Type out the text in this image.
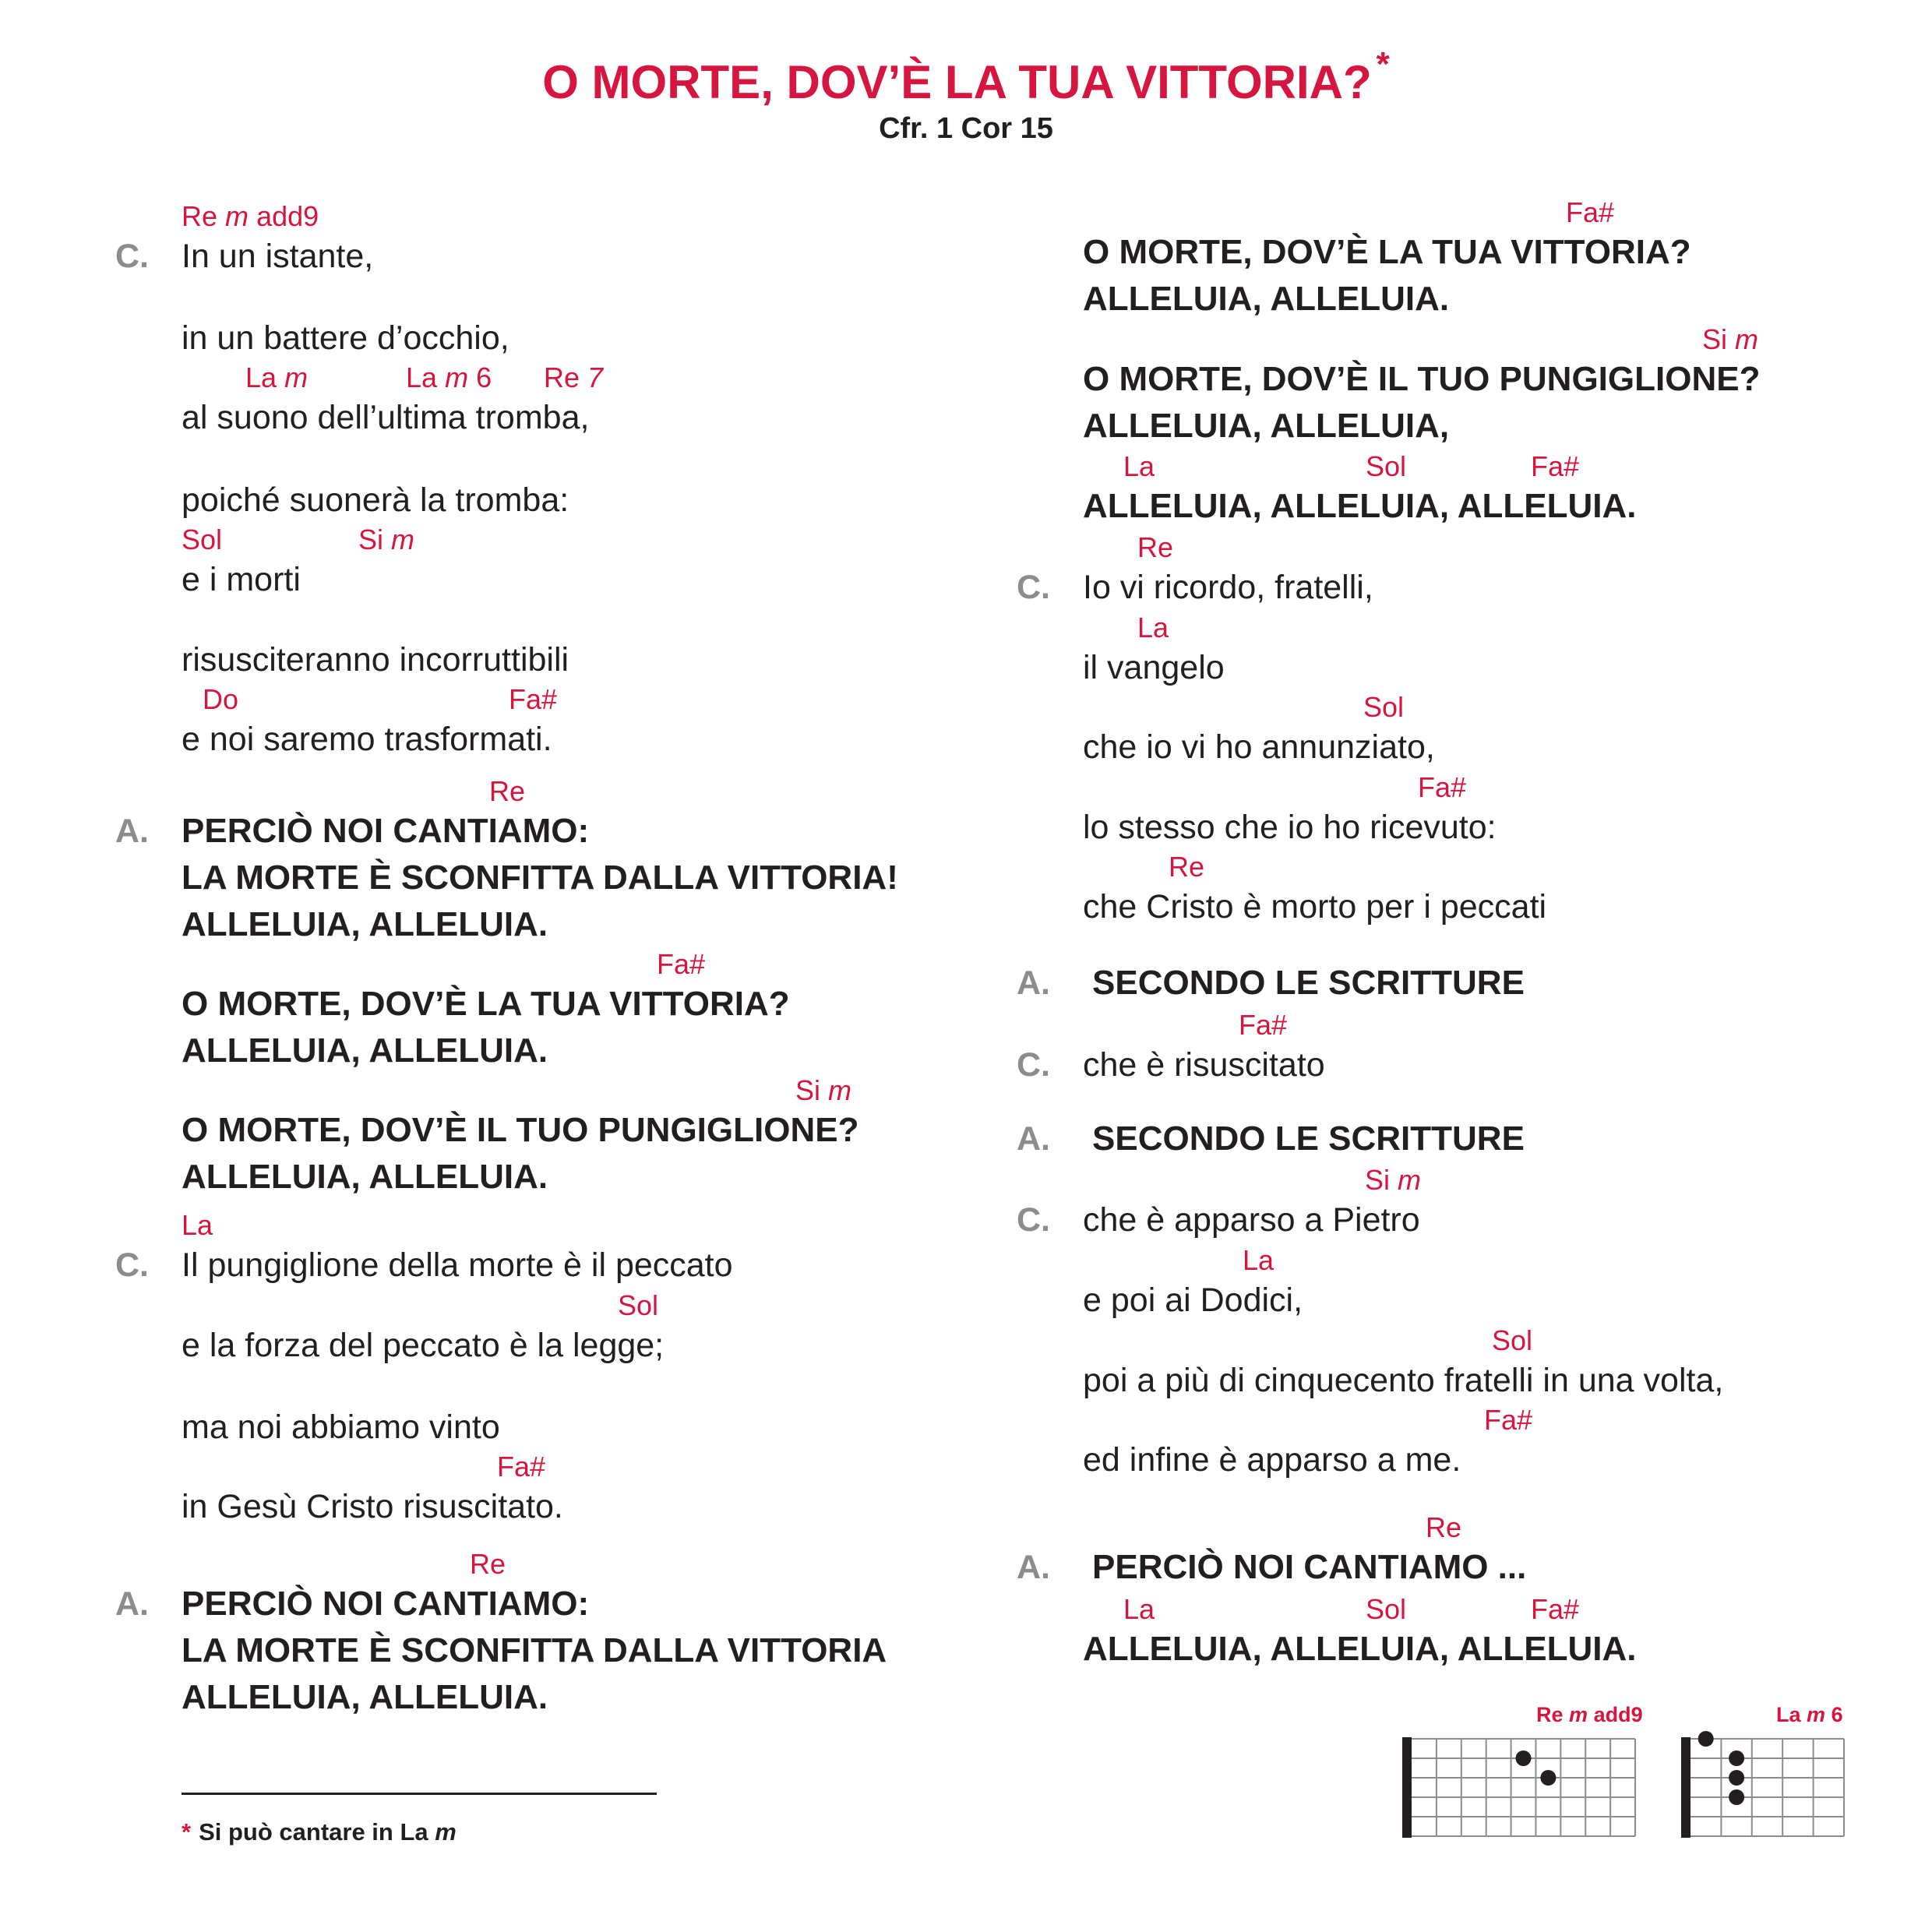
O MORTE, DOV’È LA TUA VITTORIA? *
Cfr. 1 Cor 15
C. In un istante,
Re m add9
in un battere d’occhio,
al suono dell’ultima tromba,
La m	La m 6 Re 7
poiché suonerà la tromba:
e i morti
Sol	Si m
risusciteranno incorruttibili
e noi saremo trasformati.
Do	Fa#
A. PERCIÒ NOI CANTIAMO:
Re
LA MORTE È SCONFITTA DALLA VITTORIA!
ALLELUIA, ALLELUIA.
O MORTE, DOV’È LA TUA VITTORIA?
Fa#
ALLELUIA, ALLELUIA.
O MORTE, DOV’È IL TUO PUNGIGLIONE?
Si m
ALLELUIA, ALLELUIA.
C. Il pungiglione della morte è il peccato
La
e la forza del peccato è la legge;
Sol
ma noi abbiamo vinto
in Gesù Cristo risuscitato.
Fa#
A. PERCIÒ NOI CANTIAMO:
Re
LA MORTE È SCONFITTA DALLA VITTORIA
ALLELUIA, ALLELUIA.
O MORTE, DOV’È LA TUA VITTORIA?
Fa#
ALLELUIA, ALLELUIA.
O MORTE, DOV’È IL TUO PUNGIGLIONE?
Si m
ALLELUIA, ALLELUIA,
ALLELUIA, ALLELUIA, ALLELUIA.
La	Sol	Fa#
C. Io vi ricordo, fratelli,
Re
il vangelo
La
che io vi ho annunziato,
Sol
lo stesso che io ho ricevuto:
Fa#
che Cristo è morto per i peccati
Re
A. SECONDO LE SCRITTURE
C. che è risuscitato
Fa#
A. SECONDO LE SCRITTURE
C. che è apparso a Pietro
Si m
e poi ai Dodici,
La
poi a più di cinquecento fratelli in una volta,
Sol
ed infine è apparso a me.
Fa#
A. PERCIÒ NOI CANTIAMO ...
Re
ALLELUIA, ALLELUIA, ALLELUIA.
La	Sol	Fa#
* Si può cantare in La m
Re m add9	La m 6
